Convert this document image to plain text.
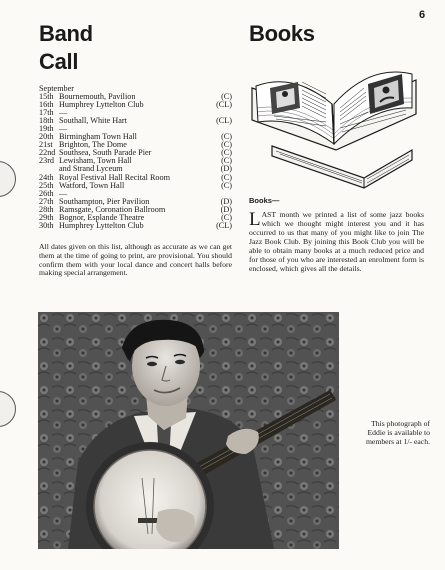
6
Band
Call
Books
September
15th Bournemouth, Pavilion	(C)
16th Humphrey Lyttelton Club	(CL)
17th —
18th Southall, White Hart	(CL)
19th —
20th Birmingham Town Hall	(C)
21st Brighton, The Dome	(C)
22nd Southsea, South Parade Pier	(C)
23rd Lewisham, Town Hall	(C)
and Strand Lyceum	(D)
24th Royal Festival Hall Recital Room	(C)
25th Watford, Town Hall	(C)
26th —
27th Southampton, Pier Pavilion	(D)
28th Ramsgate, Coronation Ballroom	(D)
29th Bognor, Esplande Theatre	(C)
30th Humphrey Lyttelton Club	(CL)
All dates given on this list, although as accurate as we can get them at the time of going to print, are provisional. You should confirm them with your local dance and concert halls before making special arrangement.
Books—
LAST month we printed a list of some jazz books which we thought might interest you and it has occurred to us that many of you might like to join The Jazz Book Club. By joining this Book Club you will be able to obtain many books at a much reduced price and for those of you who are interested an enrolment form is enclosed, which gives all the details.
This photograph of Eddie is available to members at 1/- each.
